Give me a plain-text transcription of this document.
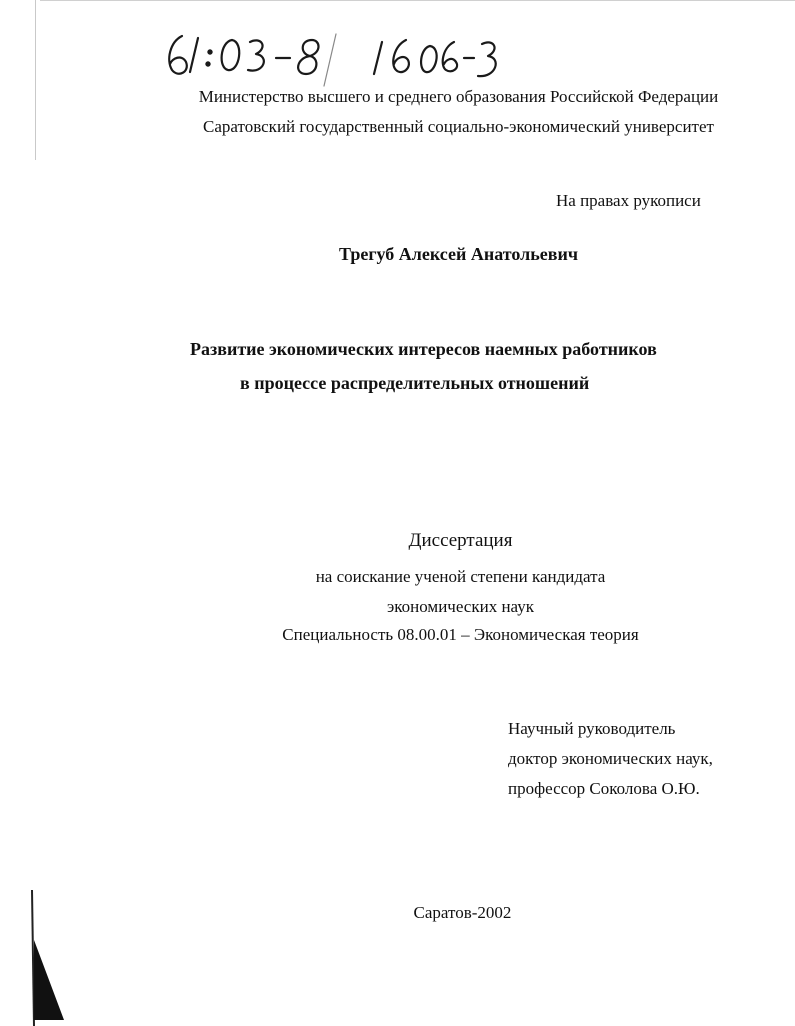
Министерство высшего и среднего образования Российской Федерации
Саратовский государственный социально-экономический университет
На правах рукописи
Трегуб Алексей Анатольевич
Развитие экономических интересов наемных работников
в процессе распределительных отношений
Диссертация
на соискание ученой степени кандидата
экономических наук
Специальность 08.00.01 – Экономическая теория
Научный руководитель
доктор экономических наук,
профессор Соколова О.Ю.
Саратов-2002
